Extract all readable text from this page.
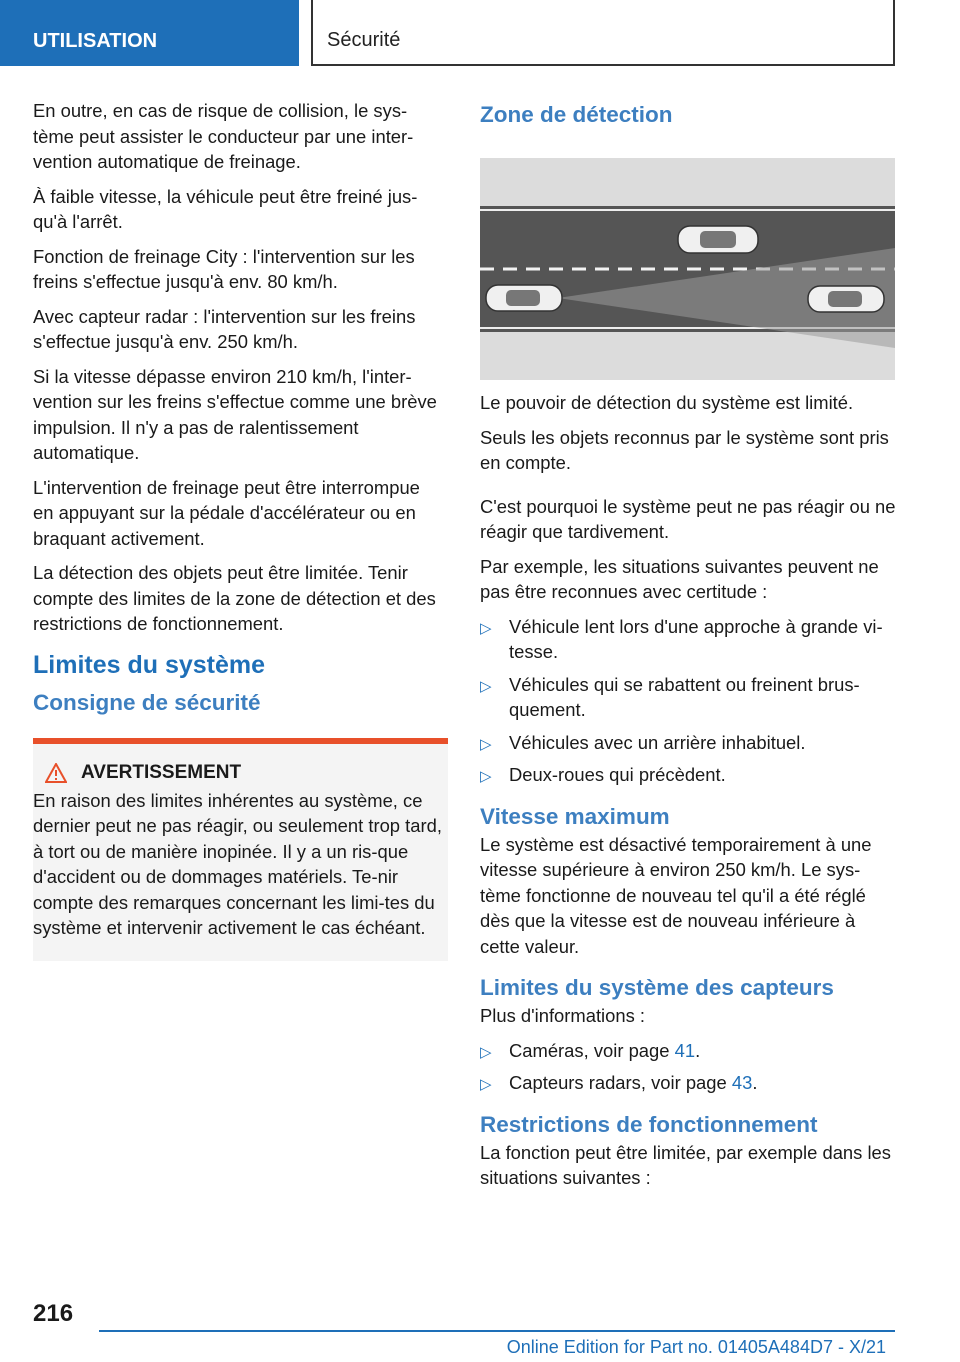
UTILISATION	Sécurité

En outre, en cas de risque de collision, le sys-tème peut assister le conducteur par une inter-vention automatique de freinage.

À faible vitesse, la véhicule peut être freiné jus-qu'à l'arrêt.

Fonction de freinage City : l'intervention sur les freins s'effectue jusqu'à env. 80 km/h.

Avec capteur radar : l'intervention sur les freins s'effectue jusqu'à env. 250 km/h.

Si la vitesse dépasse environ 210 km/h, l'inter-vention sur les freins s'effectue comme une brève impulsion. Il n'y a pas de ralentissement automatique.

L'intervention de freinage peut être interrompue en appuyant sur la pédale d'accélérateur ou en braquant activement.

La détection des objets peut être limitée. Tenir compte des limites de la zone de détection et des restrictions de fonctionnement.

Limites du système
Consigne de sécurité
AVERTISSEMENT

En raison des limites inhérentes au système, ce dernier peut ne pas réagir, ou seulement trop tard, à tort ou de manière inopinée. Il y a un ris-que d'accident ou de dommages matériels. Te-nir compte des remarques concernant les limi-tes du système et intervenir activement le cas échéant.

Zone de détection

Le pouvoir de détection du système est limité.

Seuls les objets reconnus par le système sont pris en compte.

C'est pourquoi le système peut ne pas réagir ou ne réagir que tardivement.

Par exemple, les situations suivantes peuvent ne pas être reconnues avec certitude :

▷ Véhicule lent lors d'une approche à grande vi-tesse.
▷ Véhicules qui se rabattent ou freinent brus-quement.
▷ Véhicules avec un arrière inhabituel.
▷ Deux-roues qui précèdent.
Vitesse maximum

Le système est désactivé temporairement à une vitesse supérieure à environ 250 km/h. Le sys-tème fonctionne de nouveau tel qu'il a été réglé dès que la vitesse est de nouveau inférieure à cette valeur.

Limites du système des capteurs

Plus d'informations :

▷ Caméras, voir page 41.
▷ Capteurs radars, voir page 43.
Restrictions de fonctionnement

La fonction peut être limitée, par exemple dans les situations suivantes :

216
Online Edition for Part no. 01405A484D7 - X/21
